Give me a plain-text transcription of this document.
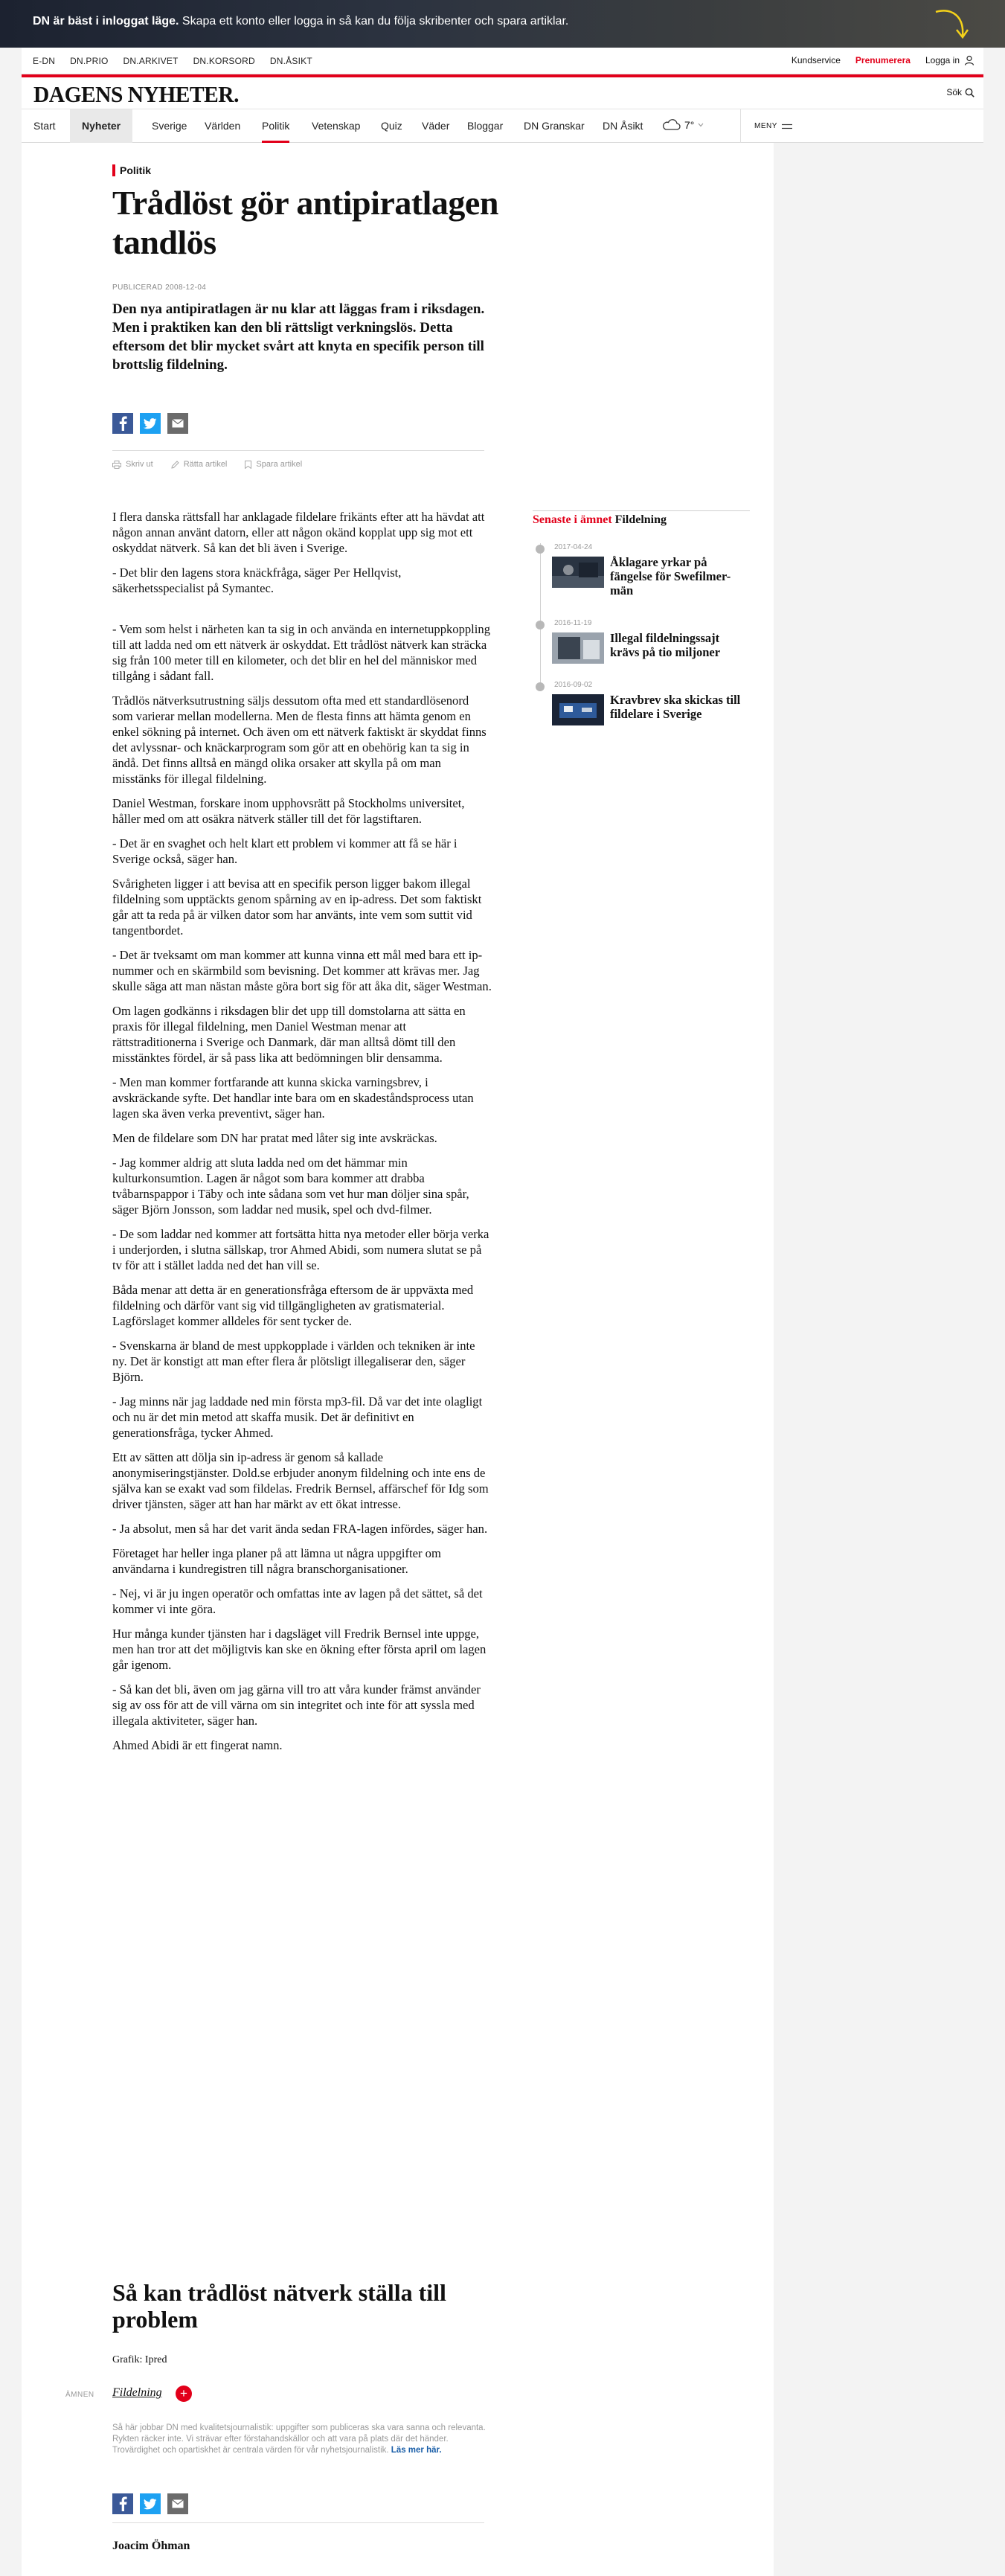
DN är bäst i inloggat läge. Skapa ett konto eller logga in så kan du följa skribenter och spara artiklar.
E-DN DN.PRIO DN.ARKIVET DN.KORSORD DN.ÅSIKT	Kundservice Prenumerera Logga in
DAGENS NYHETER.	Sök
Start	Nyheter	Sverige Världen Politik Vetenskap Quiz Väder Bloggar DN Granskar DN Åsikt	7°	MENY
Politik
Trådlöst gör antipiratlagen tandlös
PUBLICERAD 2008-12-04
Den nya antipiratlagen är nu klar att läggas fram i riksdagen. Men i praktiken kan den bli rättsligt verkningslös. Detta eftersom det blir mycket svårt att knyta en specifik person till brottslig fildelning.
Skriv ut	Rätta artikel	Spara artikel

I flera danska rättsfall har anklagade fildelare frikänts efter att ha hävdat att någon annan använt datorn, eller att någon okänd kopplat upp sig mot ett oskyddat nätverk. Så kan det bli även i Sverige.

- Det blir den lagens stora knäckfråga, säger Per Hellqvist, säkerhetsspecialist på Symantec.

- Vem som helst i närheten kan ta sig in och använda en internetuppkoppling till att ladda ned om ett nätverk är oskyddat. Ett trådlöst nätverk kan sträcka sig från 100 meter till en kilometer, och det blir en hel del människor med tillgång i sådant fall.

Trådlös nätverksutrustning säljs dessutom ofta med ett standardlösenord som varierar mellan modellerna. Men de flesta finns att hämta genom en enkel sökning på internet. Och även om ett nätverk faktiskt är skyddat finns det avlyssnar- och knäckarprogram som gör att en obehörig kan ta sig in ändå. Det finns alltså en mängd olika orsaker att skylla på om man misstänks för illegal fildelning.

Daniel Westman, forskare inom upphovsrätt på Stockholms universitet, håller med om att osäkra nätverk ställer till det för lagstiftaren.

- Det är en svaghet och helt klart ett problem vi kommer att få se här i Sverige också, säger han.

Svårigheten ligger i att bevisa att en specifik person ligger bakom illegal fildelning som upptäckts genom spårning av en ip-adress. Det som faktiskt går att ta reda på är vilken dator som har använts, inte vem som suttit vid tangentbordet.

- Det är tveksamt om man kommer att kunna vinna ett mål med bara ett ip-nummer och en skärmbild som bevisning. Det kommer att krävas mer. Jag skulle säga att man nästan måste göra bort sig för att åka dit, säger Westman.

Om lagen godkänns i riksdagen blir det upp till domstolarna att sätta en praxis för illegal fildelning, men Daniel Westman menar att rättstraditionerna i Sverige och Danmark, där man alltså dömt till den misstänktes fördel, är så pass lika att bedömningen blir densamma.

- Men man kommer fortfarande att kunna skicka varningsbrev, i avskräckande syfte. Det handlar inte bara om en skadeståndsprocess utan lagen ska även verka preventivt, säger han.

Men de fildelare som DN har pratat med låter sig inte avskräckas.

- Jag kommer aldrig att sluta ladda ned om det hämmar min kulturkonsumtion. Lagen är något som bara kommer att drabba tvåbarnspappor i Täby och inte sådana som vet hur man döljer sina spår, säger Björn Jonsson, som laddar ned musik, spel och dvd-filmer.

- De som laddar ned kommer att fortsätta hitta nya metoder eller börja verka i underjorden, i slutna sällskap, tror Ahmed Abidi, som numera slutat se på tv för att i stället ladda ned det han vill se.

Båda menar att detta är en generationsfråga eftersom de är uppväxta med fildelning och därför vant sig vid tillgängligheten av gratismaterial. Lagförslaget kommer alldeles för sent tycker de.

- Svenskarna är bland de mest uppkopplade i världen och tekniken är inte ny. Det är konstigt att man efter flera år plötsligt illegaliserar den, säger Björn.

- Jag minns när jag laddade ned min första mp3-fil. Då var det inte olagligt och nu är det min metod att skaffa musik. Det är definitivt en generationsfråga, tycker Ahmed.

Ett av sätten att dölja sin ip-adress är genom så kallade anonymiseringstjänster. Dold.se erbjuder anonym fildelning och inte ens de själva kan se exakt vad som fildelas. Fredrik Bernsel, affärschef för Idg som driver tjänsten, säger att han har märkt av ett ökat intresse.

- Ja absolut, men så har det varit ända sedan FRA-lagen infördes, säger han.

Företaget har heller inga planer på att lämna ut några uppgifter om användarna i kundregistren till några branschorganisationer.

- Nej, vi är ju ingen operatör och omfattas inte av lagen på det sättet, så det kommer vi inte göra.

Hur många kunder tjänsten har i dagsläget vill Fredrik Bernsel inte uppge, men han tror att det möjligtvis kan ske en ökning efter första april om lagen går igenom.

- Så kan det bli, även om jag gärna vill tro att våra kunder främst använder sig av oss för att de vill värna om sin integritet och inte för att syssla med illegala aktiviteter, säger han.

Ahmed Abidi är ett fingerat namn.

Så kan trådlöst nätverk ställa till problem
Grafik: Ipred
ÄMNEN Fildelning	+
Så här jobbar DN med kvalitetsjournalistik: uppgifter som publiceras ska vara sanna och relevanta. Rykten räcker inte. Vi strävar efter förstahandskällor och att vara på plats där det händer. Trovärdighet och opartiskhet är centrala värden för vår nyhetsjournalistik. Läs mer här.
Joacim Öhman
Senaste i ämnet Fildelning
2017-04-24
Åklagare yrkar på fängelse för Swefilmer-män
2016-11-19
Illegal fildelningssajt krävs på tio miljoner
2016-09-02
Kravbrev ska skickas till fildelare i Sverige
